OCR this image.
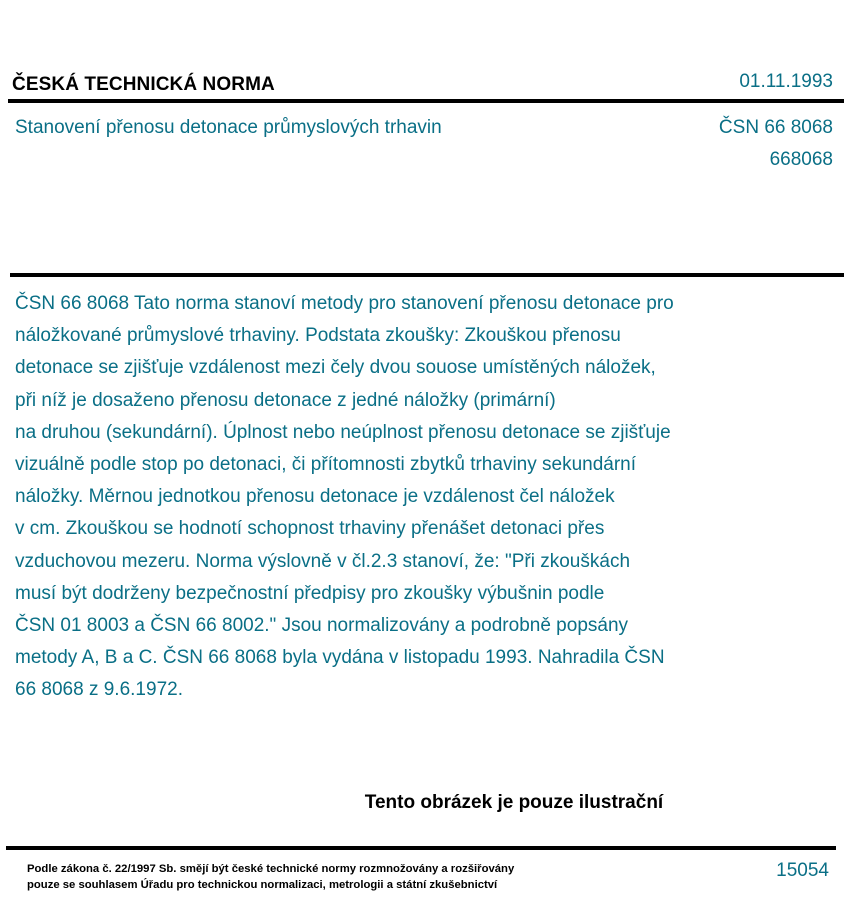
ČESKÁ TECHNICKÁ NORMA	01.11.1993
Stanovení přenosu detonace průmyslových trhavin	ČSN 66 8068
668068
ČSN 66 8068 Tato norma stanoví metody pro stanovení přenosu detonace pro
náložkované průmyslové trhaviny. Podstata zkoušky: Zkouškou přenosu
detonace se zjišťuje vzdálenost mezi čely dvou souose umístěných náložek,
při níž je dosaženo přenosu detonace z jedné náložky (primární)
na druhou (sekundární). Úplnost nebo neúplnost přenosu detonace se zjišťuje
vizuálně podle stop po detonaci, či přítomnosti zbytků trhaviny sekundární
náložky. Měrnou jednotkou přenosu detonace je vzdálenost čel náložek
v cm. Zkouškou se hodnotí schopnost trhaviny přenášet detonaci přes
vzduchovou mezeru. Norma výslovně v čl.2.3 stanoví, že: "Při zkouškách
musí být dodrženy bezpečnostní předpisy pro zkoušky výbušnin podle
ČSN 01 8003 a ČSN 66 8002." Jsou normalizovány a podrobně popsány
metody A, B a C. ČSN 66 8068 byla vydána v listopadu 1993. Nahradila ČSN
66 8068 z 9.6.1972.
Tento obrázek je pouze ilustrační
Podle zákona č. 22/1997 Sb. smějí být české technické normy rozmnožovány a rozšiřovány
pouze se souhlasem Úřadu pro technickou normalizaci, metrologii a státní zkušebnictví
15054
